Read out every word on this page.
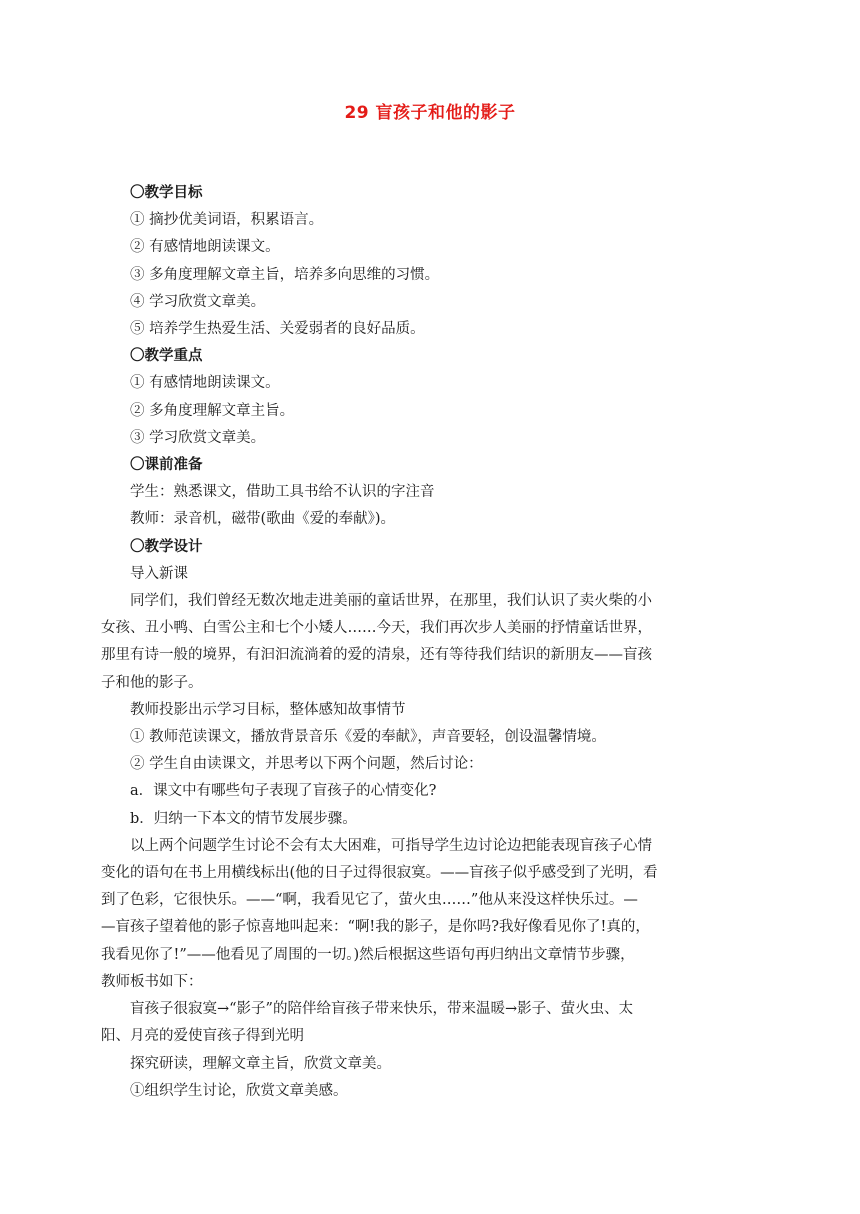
29 盲孩子和他的影子
〇教学目标
① 摘抄优美词语，积累语言。
② 有感情地朗读课文。
③ 多角度理解文章主旨，培养多向思维的习惯。
④ 学习欣赏文章美。
⑤ 培养学生热爱生活、关爱弱者的良好品质。
〇教学重点
① 有感情地朗读课文。
② 多角度理解文章主旨。
③ 学习欣赏文章美。
〇课前准备
学生：熟悉课文，借助工具书给不认识的字注音
教师：录音机，磁带(歌曲《爱的奉献》)。
〇教学设计
导入新课
同学们，我们曾经无数次地走进美丽的童话世界，在那里，我们认识了卖火柴的小
女孩、丑小鸭、白雪公主和七个小矮人……今天，我们再次步人美丽的抒情童话世界，
那里有诗一般的境界，有汩汩流淌着的爱的清泉，还有等待我们结识的新朋友——盲孩
子和他的影子。
教师投影出示学习目标，整体感知故事情节
① 教师范读课文，播放背景音乐《爱的奉献》，声音要轻，创设温馨情境。
② 学生自由读课文，并思考以下两个问题，然后讨论：
a．课文中有哪些句子表现了盲孩子的心情变化?
b．归纳一下本文的情节发展步骤。
以上两个问题学生讨论不会有太大困难，可指导学生边讨论边把能表现盲孩子心情
变化的语句在书上用横线标出(他的日子过得很寂寞。——盲孩子似乎感受到了光明，看
到了色彩，它很快乐。——“啊，我看见它了，萤火虫……”他从来没这样快乐过。—
—盲孩子望着他的影子惊喜地叫起来：“啊!我的影子，是你吗?我好像看见你了!真的，
我看见你了!”——他看见了周围的一切。)然后根据这些语句再归纳出文章情节步骤，
教师板书如下：
盲孩子很寂寞→“影子”的陪伴给盲孩子带来快乐，带来温暖→影子、萤火虫、太
阳、月亮的爱使盲孩子得到光明
探究研读，理解文章主旨，欣赏文章美。
①组织学生讨论，欣赏文章美感。
